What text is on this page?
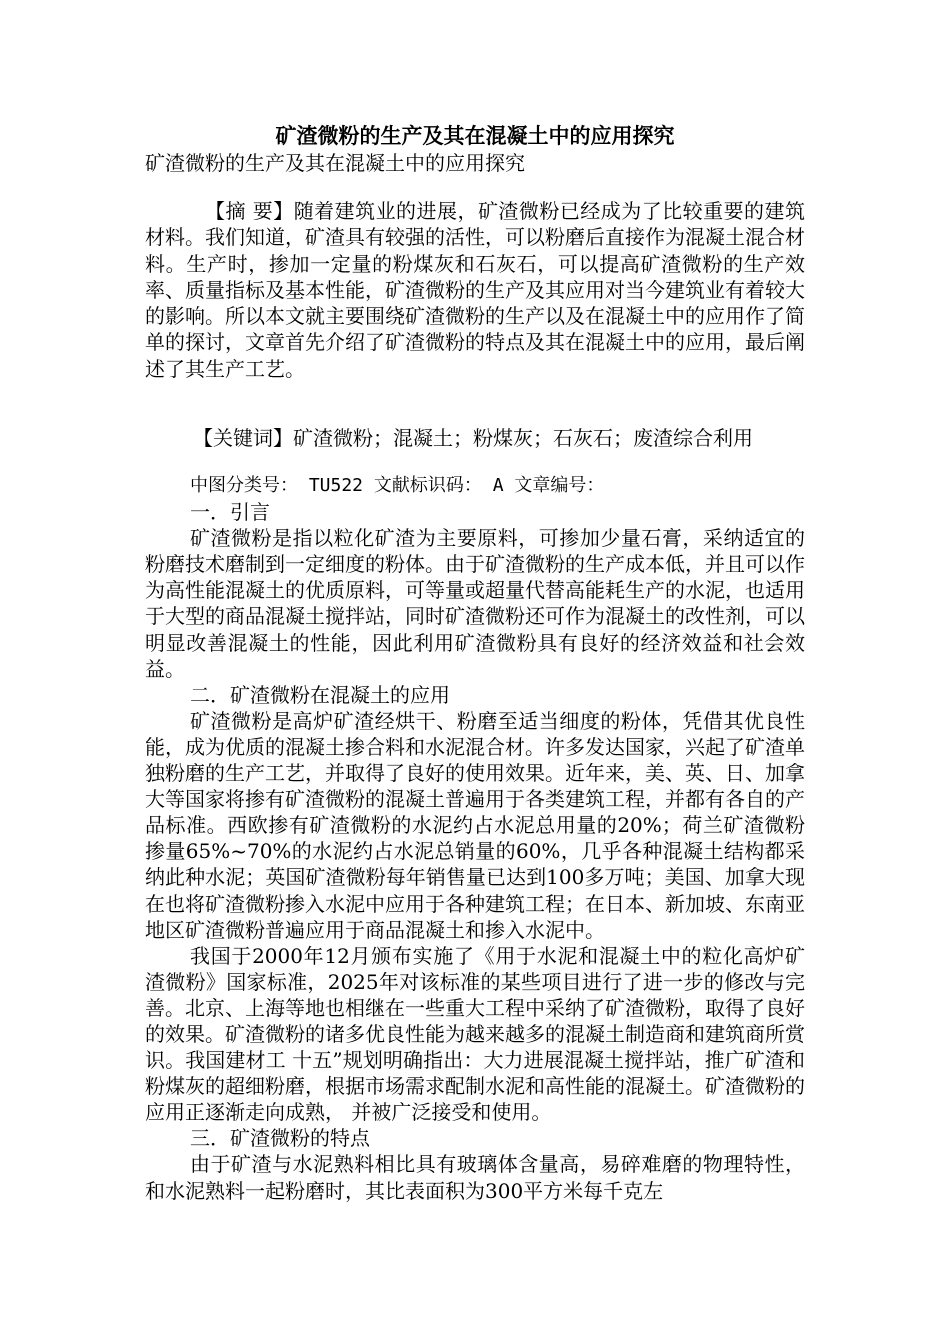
矿渣微粉的生产及其在混凝土中的应用探究
矿渣微粉的生产及其在混凝土中的应用探究
【摘 要】随着建筑业的进展，矿渣微粉已经成为了比较重要的建筑材料。我们知道，矿渣具有较强的活性，可以粉磨后直接作为混凝土混合材料。生产时，掺加一定量的粉煤灰和石灰石，可以提高矿渣微粉的生产效率、质量指标及基本性能，矿渣微粉的生产及其应用对当今建筑业有着较大的影响。所以本文就主要围绕矿渣微粉的生产以及在混凝土中的应用作了简单的探讨，文章首先介绍了矿渣微粉的特点及其在混凝土中的应用，最后阐述了其生产工艺。
【关键词】矿渣微粉；混凝土；粉煤灰；石灰石；废渣综合利用

中图分类号： TU522 文献标识码： A 文章编号：

一．引言

矿渣微粉是指以粒化矿渣为主要原料，可掺加少量石膏，采纳适宜的粉磨技术磨制到一定细度的粉体。由于矿渣微粉的生产成本低，并且可以作为高性能混凝土的优质原料，可等量或超量代替高能耗生产的水泥，也适用于大型的商品混凝土搅拌站，同时矿渣微粉还可作为混凝土的改性剂，可以明显改善混凝土的性能，因此利用矿渣微粉具有良好的经济效益和社会效益。

二．矿渣微粉在混凝土的应用

矿渣微粉是高炉矿渣经烘干、粉磨至适当细度的粉体，凭借其优良性能，成为优质的混凝土掺合料和水泥混合材。许多发达国家，兴起了矿渣单独粉磨的生产工艺，并取得了良好的使用效果。近年来，美、英、日、加拿大等国家将掺有矿渣微粉的混凝土普遍用于各类建筑工程，并都有各自的产品标准。西欧掺有矿渣微粉的水泥约占水泥总用量的20%；荷兰矿渣微粉掺量65%~70%的水泥约占水泥总销量的60%，几乎各种混凝土结构都采纳此种水泥；英国矿渣微粉每年销售量已达到100多万吨；美国、加拿大现在也将矿渣微粉掺入水泥中应用于各种建筑工程；在日本、新加坡、东南亚地区矿渣微粉普遍应用于商品混凝土和掺入水泥中。

我国于2000年12月颁布实施了《用于水泥和混凝土中的粒化高炉矿渣微粉》国家标准，2025年对该标准的某些项目进行了进一步的修改与完善。北京、上海等地也相继在一些重大工程中采纳了矿渣微粉，取得了良好的效果。矿渣微粉的诸多优良性能为越来越多的混凝土制造商和建筑商所赏识。我国建材工 十五”规划明确指出：大力进展混凝土搅拌站，推广矿渣和粉煤灰的超细粉磨，根据市场需求配制水泥和高性能的混凝土。矿渣微粉的应用正逐渐走向成熟， 并被广泛接受和使用。

三．矿渣微粉的特点

由于矿渣与水泥熟料相比具有玻璃体含量高，易碎难磨的物理特性，和水泥熟料一起粉磨时，其比表面积为300平方米每千克左
